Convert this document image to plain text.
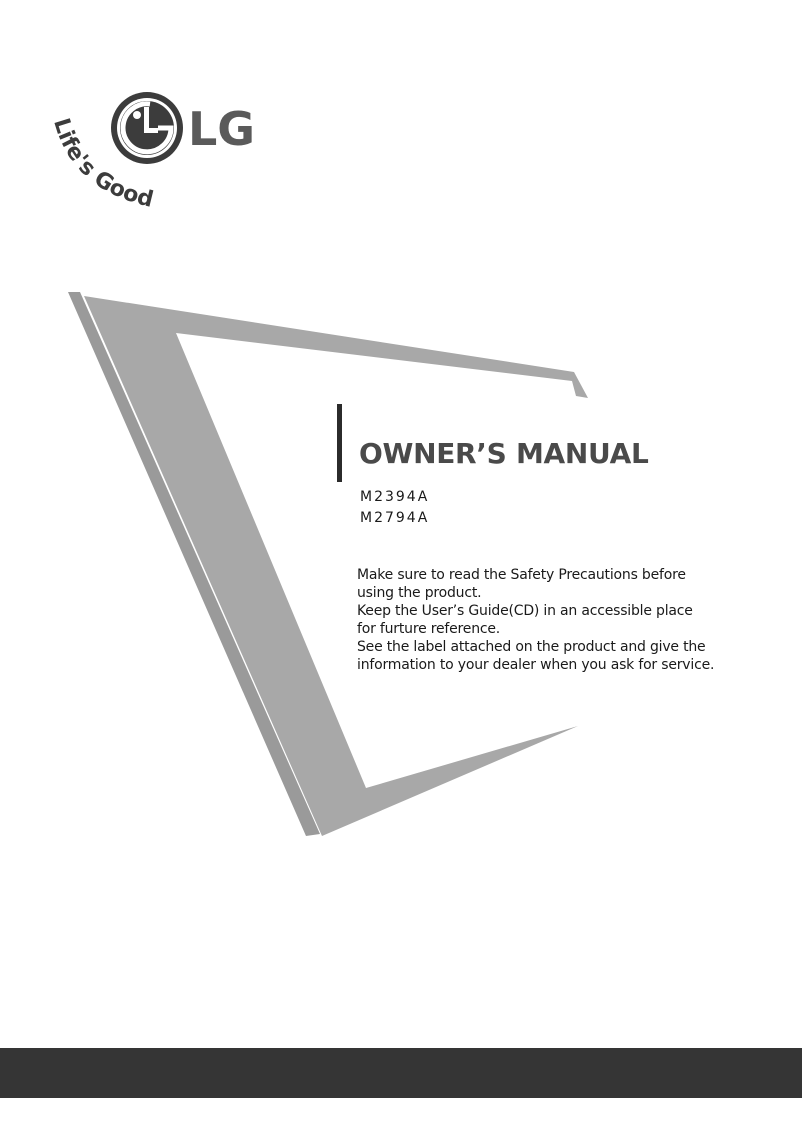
LG
Life's Good
OWNER’S MANUAL
M2394A
M2794A
Make sure to read the Safety Precautions before
using the product.
Keep the User’s Guide(CD) in an accessible place
for furture reference.
See the label attached on the product and give the
information to your dealer when you ask for service.
